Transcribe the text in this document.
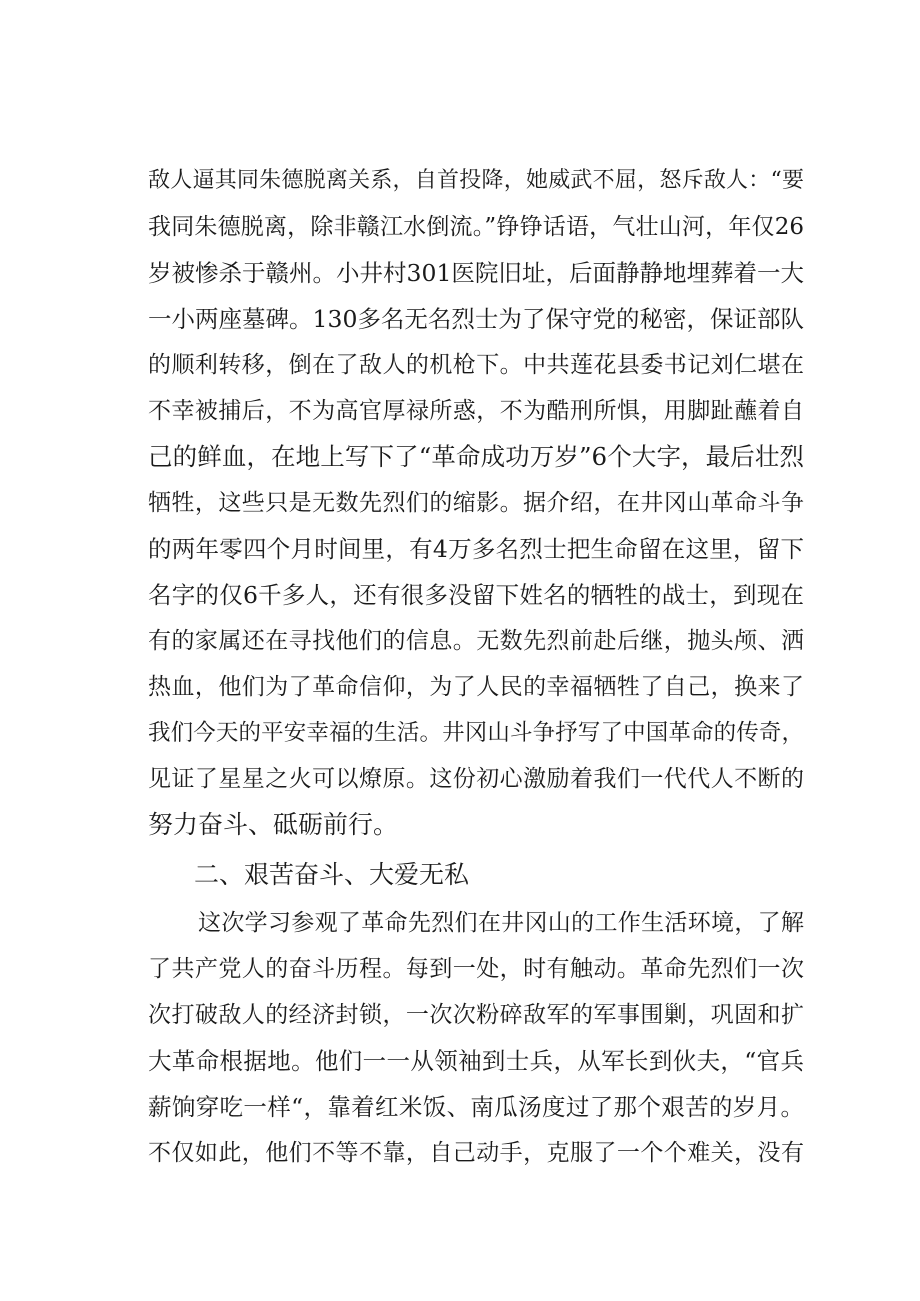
敌人逼其同朱德脱离关系，自首投降，她威武不屈，怒斥敌人：“要
我同朱德脱离，除非赣江水倒流。”铮铮话语，气壮山河，年仅26
岁被惨杀于赣州。小井村301医院旧址，后面静静地埋葬着一大
一小两座墓碑。130多名无名烈士为了保守党的秘密，保证部队
的顺利转移，倒在了敌人的机枪下。中共莲花县委书记刘仁堪在
不幸被捕后，不为高官厚禄所惑，不为酷刑所惧，用脚趾蘸着自
己的鲜血，在地上写下了“革命成功万岁”6个大字，最后壮烈
牺牲，这些只是无数先烈们的缩影。据介绍，在井冈山革命斗争
的两年零四个月时间里，有4万多名烈士把生命留在这里，留下
名字的仅6千多人，还有很多没留下姓名的牺牲的战士，到现在
有的家属还在寻找他们的信息。无数先烈前赴后继，抛头颅、洒
热血，他们为了革命信仰，为了人民的幸福牺牲了自己，换来了
我们今天的平安幸福的生活。井冈山斗争抒写了中国革命的传奇，
见证了星星之火可以燎原。这份初心激励着我们一代代人不断的
努力奋斗、砥砺前行。
二、艰苦奋斗、大爱无私
这次学习参观了革命先烈们在井冈山的工作生活环境，了解
了共产党人的奋斗历程。每到一处，时有触动。革命先烈们一次
次打破敌人的经济封锁，一次次粉碎敌军的军事围剿，巩固和扩
大革命根据地。他们一一从领袖到士兵，从军长到伙夫，“官兵
薪饷穿吃一样“，靠着红米饭、南瓜汤度过了那个艰苦的岁月。
不仅如此，他们不等不靠，自己动手，克服了一个个难关，没有
